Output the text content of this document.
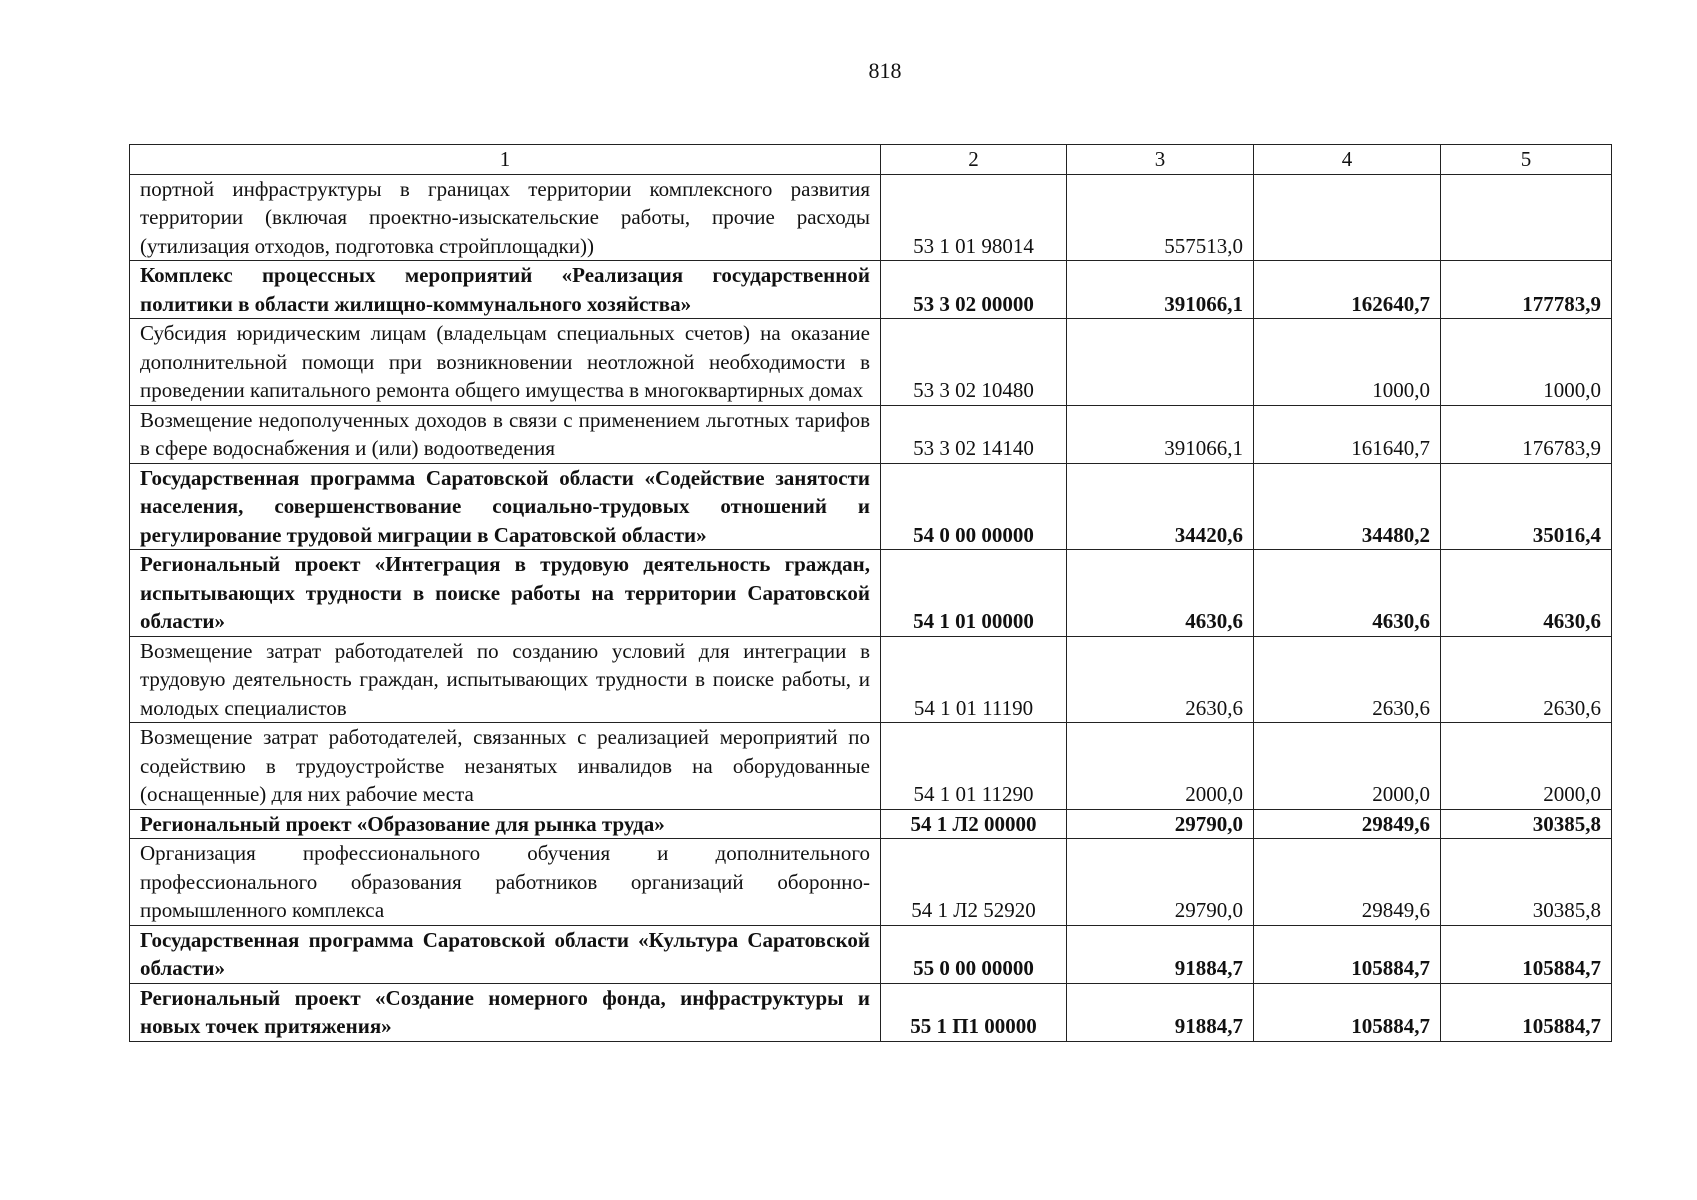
818
1	2	3	4	5
портной инфраструктуры в границах территории комплексного развития территории (включая проектно-изыскательские работы, прочие расходы (утилизация отходов, подготовка стройплощадки))	53 1 01 98014	557513,0		
Комплекс процессных мероприятий «Реализация государственной политики в области жилищно-коммунального хозяйства»	53 3 02 00000	391066,1	162640,7	177783,9
Субсидия юридическим лицам (владельцам специальных счетов) на оказание дополнительной помощи при возникновении неотложной необходимости в проведении капитального ремонта общего имущества в многоквартирных домах	53 3 02 10480		1000,0	1000,0
Возмещение недополученных доходов в связи с применением льготных тарифов в сфере водоснабжения и (или) водоотведения	53 3 02 14140	391066,1	161640,7	176783,9
Государственная программа Саратовской области «Содействие занятости населения, совершенствование социально-трудовых отношений и регулирование трудовой миграции в Саратовской области»	54 0 00 00000	34420,6	34480,2	35016,4
Региональный проект «Интеграция в трудовую деятельность граждан, испытывающих трудности в поиске работы на территории Саратовской области»	54 1 01 00000	4630,6	4630,6	4630,6
Возмещение затрат работодателей по созданию условий для интеграции в трудовую деятельность граждан, испытывающих трудности в поиске работы, и молодых специалистов	54 1 01 11190	2630,6	2630,6	2630,6
Возмещение затрат работодателей, связанных с реализацией мероприятий по содействию в трудоустройстве незанятых инвалидов на оборудованные (оснащенные) для них рабочие места	54 1 01 11290	2000,0	2000,0	2000,0
Региональный проект «Образование для рынка труда»	54 1 Л2 00000	29790,0	29849,6	30385,8
Организация профессионального обучения и дополнительного профессионального образования работников организаций оборонно-промышленного комплекса	54 1 Л2 52920	29790,0	29849,6	30385,8
Государственная программа Саратовской области «Культура Саратовской области»	55 0 00 00000	91884,7	105884,7	105884,7
Региональный проект «Создание номерного фонда, инфраструктуры и новых точек притяжения»	55 1 П1 00000	91884,7	105884,7	105884,7
